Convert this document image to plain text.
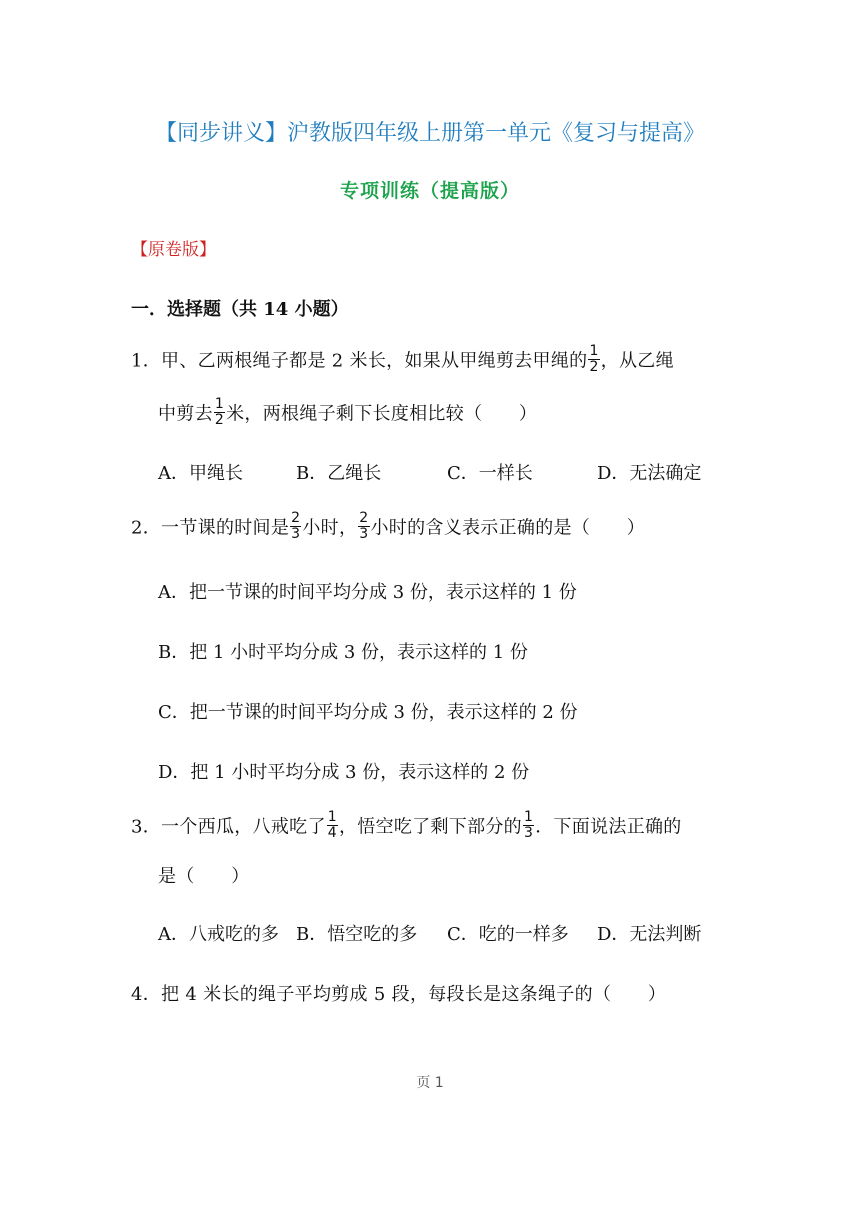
【同步讲义】沪教版四年级上册第一单元《复习与提高》
专项训练（提高版）
【原卷版】
一．选择题（共 14 小题）
1．甲、乙两根绳子都是 2 米长，如果从甲绳剪去甲绳的 $\frac{1}{2}$ ，从乙绳
中剪去 $\frac{1}{2}$ 米，两根绳子剩下长度相比较（　　）
A．甲绳长	B．乙绳长	C．一样长	D．无法确定
2．一节课的时间是 $\frac{2}{3}$ 小时， $\frac{2}{3}$ 小时的含义表示正确的是（　　）
A．把一节课的时间平均分成 3 份，表示这样的 1 份
B．把 1 小时平均分成 3 份，表示这样的 1 份
C．把一节课的时间平均分成 3 份，表示这样的 2 份
D．把 1 小时平均分成 3 份，表示这样的 2 份
3．一个西瓜，八戒吃了 $\frac{1}{4}$ ，悟空吃了剩下部分的 $\frac{1}{3}$ ．下面说法正确的
是（　　）
A．八戒吃的多 B．悟空吃的多 C．吃的一样多 D．无法判断
4．把 4 米长的绳子平均剪成 5 段，每段长是这条绳子的（　　）
页 1
